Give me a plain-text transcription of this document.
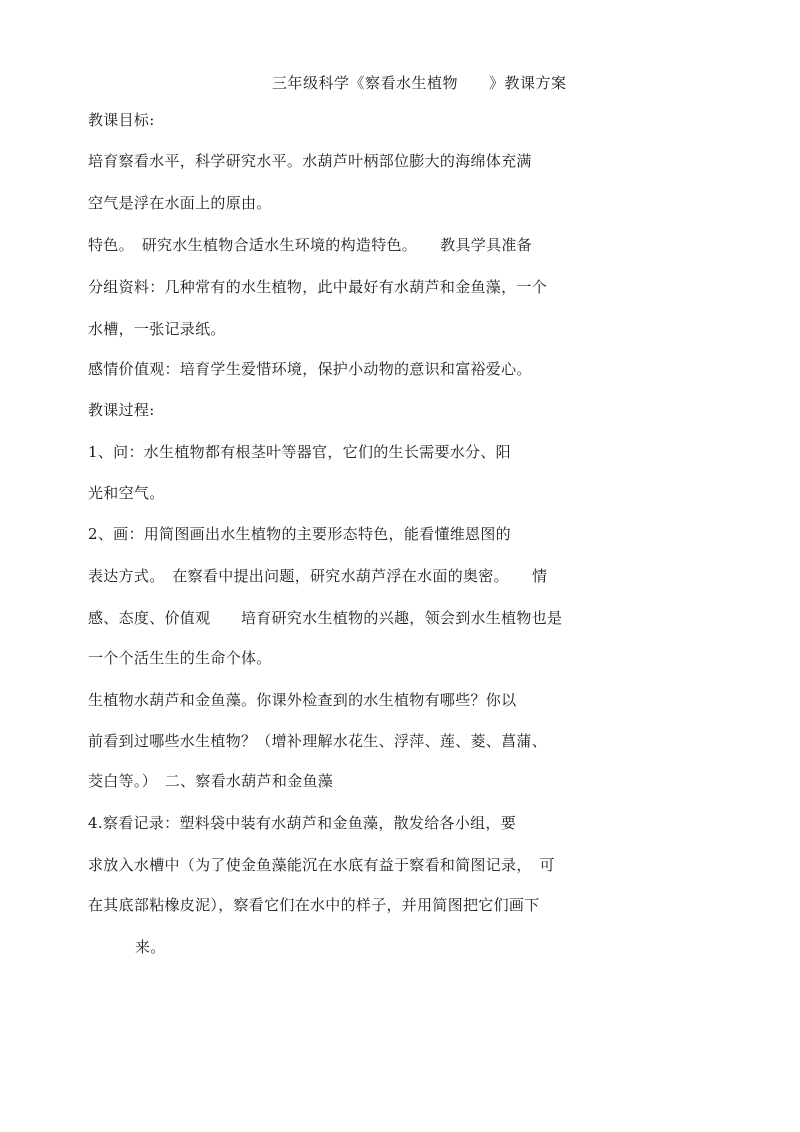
三年级科学《察看水生植物　　》教课方案
教课目标:
培育察看水平，科学研究水平。水葫芦叶柄部位膨大的海绵体充满
空气是浮在水面上的原由。
特色。　研究水生植物合适水生环境的构造特色。　　教具学具准备
分组资料：几种常有的水生植物，此中最好有水葫芦和金鱼藻，一个
水槽，一张记录纸。
感情价值观：培育学生爱惜环境，保护小动物的意识和富裕爱心。
教课过程:
1、问：水生植物都有根茎叶等器官，它们的生长需要水分、阳
光和空气。
2、画：用简图画出水生植物的主要形态特色，能看懂维恩图的
表达方式。　在察看中提出问题，研究水葫芦浮在水面的奥密。　　情
感、态度、价值观　　培育研究水生植物的兴趣，领会到水生植物也是
一个个活生生的生命个体。
生植物水葫芦和金鱼藻。你课外检查到的水生植物有哪些？你以
前看到过哪些水生植物？（增补理解水花生、浮萍、莲、菱、菖蒲、
茭白等。）　二、察看水葫芦和金鱼藻
4.察看记录：塑料袋中装有水葫芦和金鱼藻，散发给各小组，要
求放入水槽中（为了使金鱼藻能沉在水底有益于察看和简图记录，　可
在其底部粘橡皮泥），察看它们在水中的样子，并用简图把它们画下
来。
